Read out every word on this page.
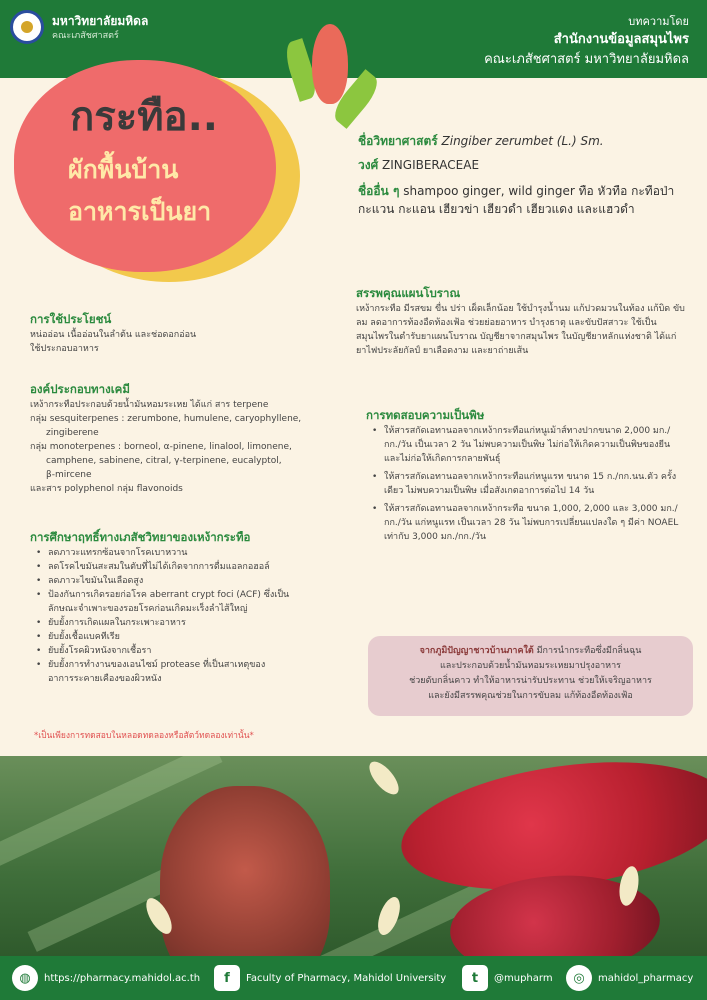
มหาวิทยาลัยมหิดล
คณะเภสัชศาสตร์
บทความโดย
สำนักงานข้อมูลสมุนไพร
คณะเภสัชศาสตร์ มหาวิทยาลัยมหิดล
กระทือ..
ผักพื้นบ้าน
อาหารเป็นยา
ชื่อวิทยาศาสตร์ Zingiber zerumbet (L.) Sm.
วงศ์ ZINGIBERACEAE
ชื่ออื่น ๆ shampoo ginger, wild ginger ทือ หัวทือ กะทือป่า กะแวน กะแอน เฮียวข่า เฮียวดำ เฮียวแดง และแฮวดำ
สรรพคุณแผนโบราณ

เหง้ากระทือ มีรสขม ขื่น ปร่า เผ็ดเล็กน้อย ใช้บำรุงน้ำนม แก้ปวดมวนในท้อง แก้บิด ขับลม ลดอาการท้องอืดท้องเฟ้อ ช่วยย่อยอาหาร บำรุงธาตุ และขับปัสสาวะ ใช้เป็นสมุนไพรในตำรับยาแผนโบราณ บัญชียาจากสมุนไพร ในบัญชียาหลักแห่งชาติ ได้แก่ ยาไฟประลัยกัลป์ ยาเลือดงาม และยาถ่ายเส้น

การใช้ประโยชน์

หน่ออ่อน เนื้ออ่อนในลำต้น และช่อดอกอ่อน

ใช้ประกอบอาหาร

องค์ประกอบทางเคมี

เหง้ากระทือประกอบด้วยน้ำมันหอมระเหย ได้แก่ สาร terpene

กลุ่ม sesquiterpenes : zerumbone, humulene, caryophyllene,

zingiberene

กลุ่ม monoterpenes : borneol, α-pinene, linalool, limonene,

camphene, sabinene, citral, γ-terpinene, eucalyptol,

β-mircene

และสาร polyphenol กลุ่ม flavonoids

การศึกษาฤทธิ์ทางเภสัชวิทยาของเหง้ากระทือ
• ลดภาวะแทรกซ้อนจากโรคเบาหวาน
• ลดโรคไขมันสะสมในตับที่ไม่ได้เกิดจากการดื่มแอลกอฮอล์
• ลดภาวะไขมันในเลือดสูง
• ป้องกันการเกิดรอยก่อโรค aberrant crypt foci (ACF) ซึ่งเป็น

ลักษณะจำเพาะของรอยโรคก่อนเกิดมะเร็งลำไส้ใหญ่

• ยับยั้งการเกิดแผลในกระเพาะอาหาร
• ยับยั้งเชื้อแบคทีเรีย
• ยับยั้งโรคผิวหนังจากเชื้อรา
• ยับยั้งการทำงานของเอนไซม์ protease ที่เป็นสาเหตุของ

อาการระคายเคืองของผิวหนัง

*เป็นเพียงการทดสอบในหลอดทดลองหรือสัตว์ทดลองเท่านั้น*
การทดสอบความเป็นพิษ
• ให้สารสกัดเอทานอลจากเหง้ากระทือแก่หนูเม้าส์ทางปากขนาด 2,000 มก./กก./วัน เป็นเวลา 2 วัน ไม่พบความเป็นพิษ ไม่ก่อให้เกิดความเป็นพิษของยีน และไม่ก่อให้เกิดการกลายพันธุ์
• ให้สารสกัดเอทานอลจากเหง้ากระทือแก่หนูแรท ขนาด 15 ก./กก.นน.ตัว ครั้งเดียว ไม่พบความเป็นพิษ เมื่อสังเกตอาการต่อไป 14 วัน
• ให้สารสกัดเอทานอลจากเหง้ากระทือ ขนาด 1,000, 2,000 และ 3,000 มก./กก./วัน แก่หนูแรท เป็นเวลา 28 วัน ไม่พบการเปลี่ยนแปลงใด ๆ มีค่า NOAEL เท่ากับ 3,000 มก./กก./วัน
จากภูมิปัญญาชาวบ้านภาคใต้ มีการนำกระทือซึ่งมีกลิ่นฉุน
และประกอบด้วยน้ำมันหอมระเหยมาปรุงอาหาร
ช่วยดับกลิ่นคาว ทำให้อาหารน่ารับประทาน ช่วยให้เจริญอาหาร
และยังมีสรรพคุณช่วยในการขับลม แก้ท้องอืดท้องเฟ้อ
◍	https://pharmacy.mahidol.ac.th	f	Faculty of Pharmacy, Mahidol University	t	@mupharm	◎	mahidol_pharmacy
